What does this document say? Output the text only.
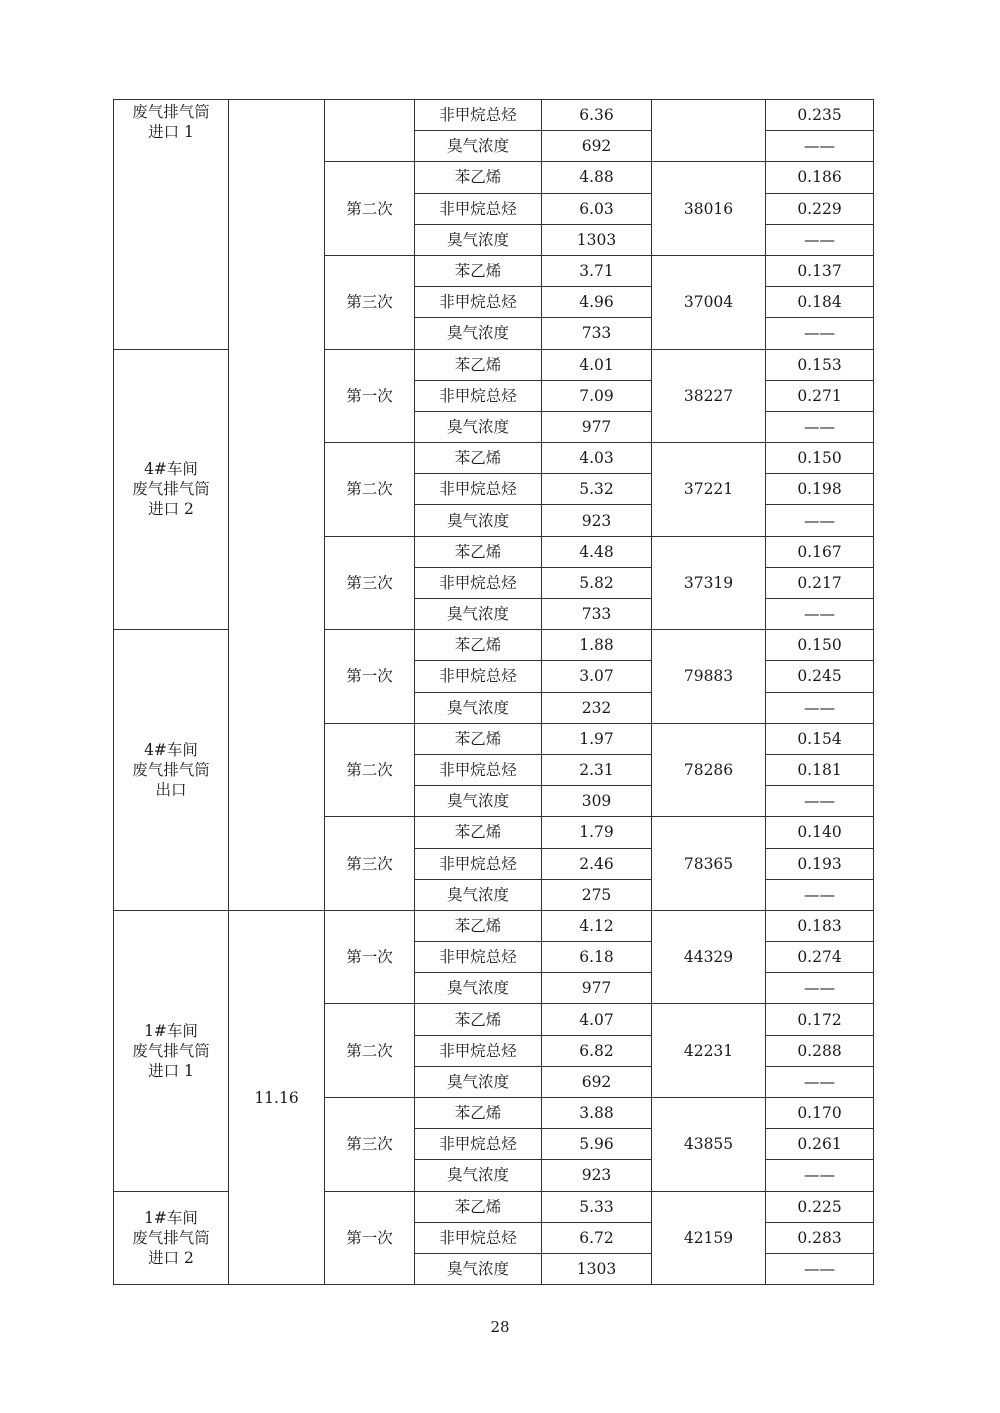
废气排气筒
进口 1			非甲烷总烃	6.36		0.235
			臭气浓度	692		——
		第二次	苯乙烯	4.88	38016	0.186
			非甲烷总烃	6.03		0.229
			臭气浓度	1303		——
		第三次	苯乙烯	3.71	37004	0.137
			非甲烷总烃	4.96		0.184
			臭气浓度	733		——
4#车间
废气排气筒
进口 2		第一次	苯乙烯	4.01	38227	0.153
			非甲烷总烃	7.09		0.271
			臭气浓度	977		——
		第二次	苯乙烯	4.03	37221	0.150
			非甲烷总烃	5.32		0.198
			臭气浓度	923		——
		第三次	苯乙烯	4.48	37319	0.167
			非甲烷总烃	5.82		0.217
			臭气浓度	733		——
4#车间
废气排气筒
出口		第一次	苯乙烯	1.88	79883	0.150
			非甲烷总烃	3.07		0.245
			臭气浓度	232		——
		第二次	苯乙烯	1.97	78286	0.154
			非甲烷总烃	2.31		0.181
			臭气浓度	309		——
		第三次	苯乙烯	1.79	78365	0.140
			非甲烷总烃	2.46		0.193
			臭气浓度	275		——
1#车间
废气排气筒
进口 1	11.16	第一次	苯乙烯	4.12	44329	0.183
			非甲烷总烃	6.18		0.274
			臭气浓度	977		——
		第二次	苯乙烯	4.07	42231	0.172
			非甲烷总烃	6.82		0.288
			臭气浓度	692		——
		第三次	苯乙烯	3.88	43855	0.170
			非甲烷总烃	5.96		0.261
			臭气浓度	923		——
1#车间
废气排气筒
进口 2		第一次	苯乙烯	5.33	42159	0.225
			非甲烷总烃	6.72		0.283
			臭气浓度	1303		——
28
